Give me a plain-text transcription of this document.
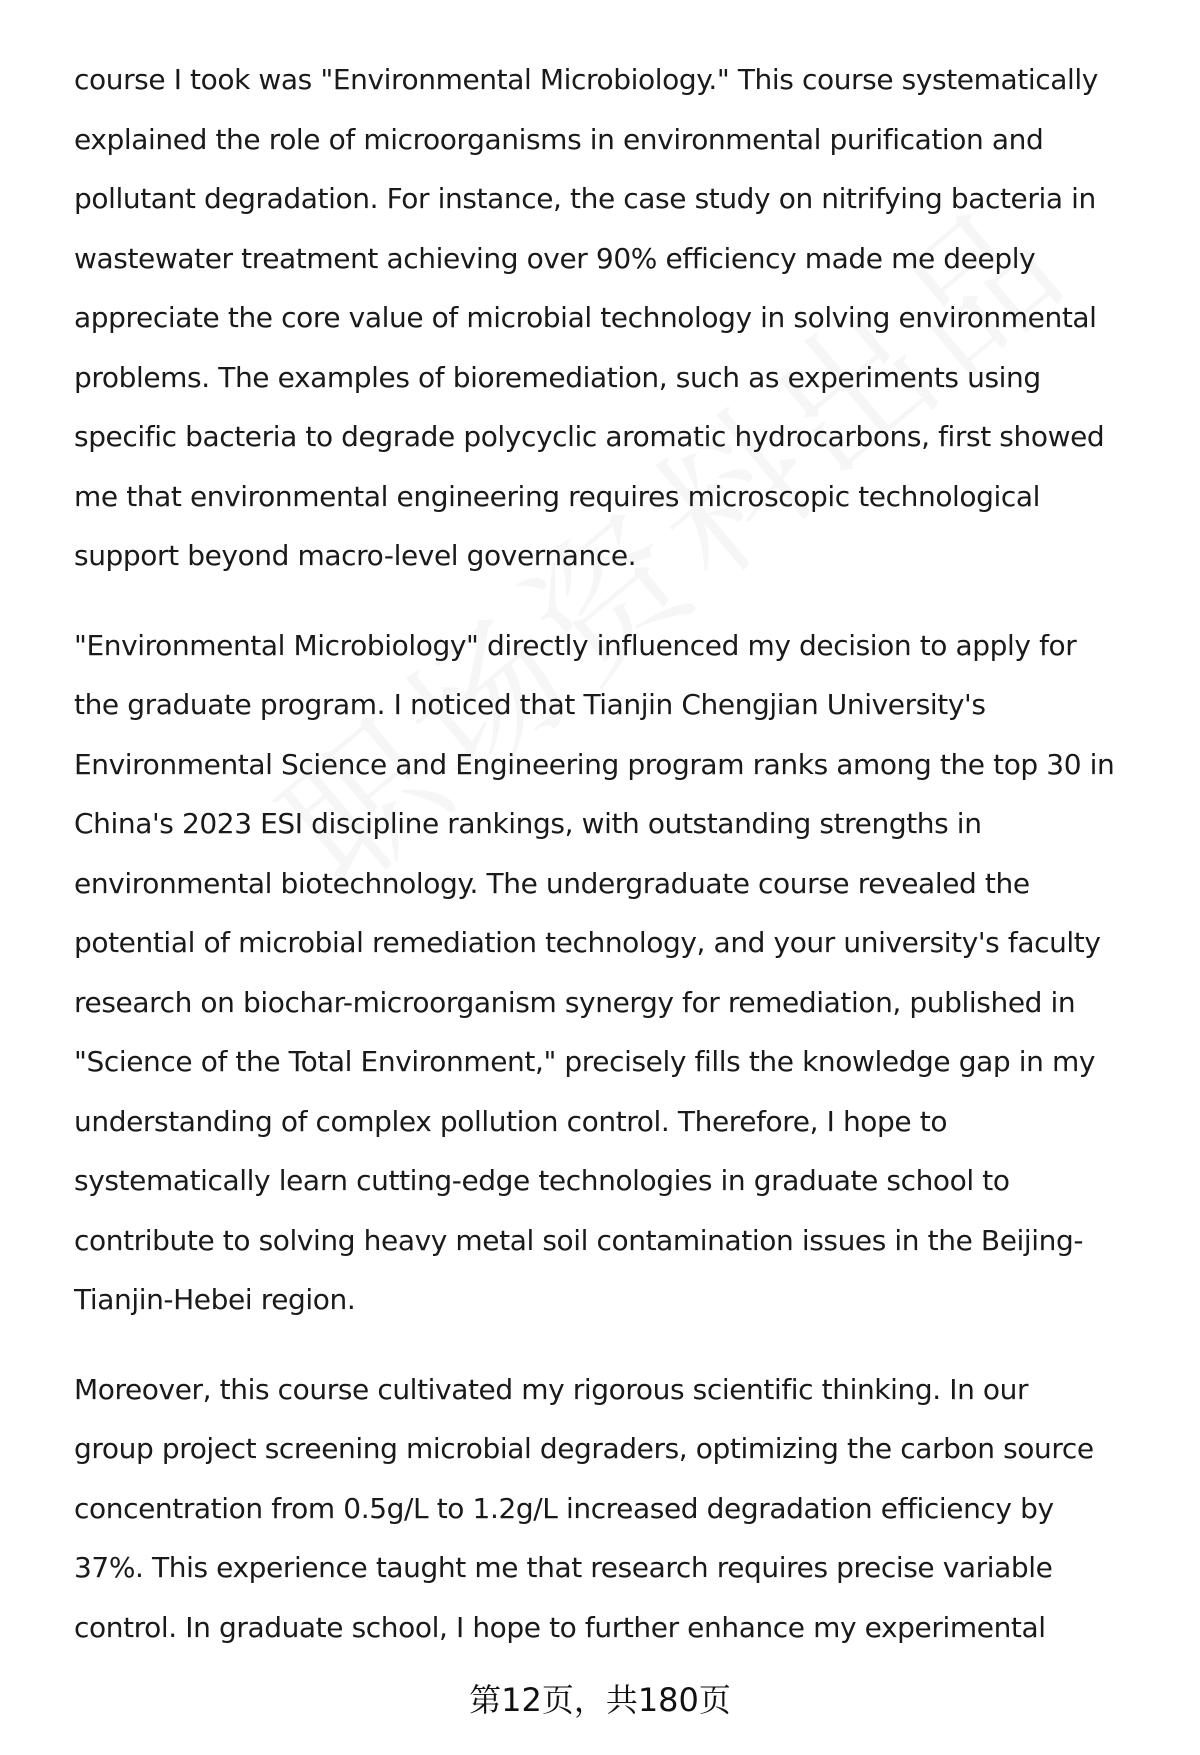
course I took was "Environmental Microbiology." This course systematically
explained the role of microorganisms in environmental purification and
pollutant degradation. For instance, the case study on nitrifying bacteria in
wastewater treatment achieving over 90% efficiency made me deeply
appreciate the core value of microbial technology in solving environmental
problems. The examples of bioremediation, such as experiments using
specific bacteria to degrade polycyclic aromatic hydrocarbons, first showed
me that environmental engineering requires microscopic technological
support beyond macro-level governance.

"Environmental Microbiology" directly influenced my decision to apply for
the graduate program. I noticed that Tianjin Chengjian University's
Environmental Science and Engineering program ranks among the top 30 in
China's 2023 ESI discipline rankings, with outstanding strengths in
environmental biotechnology. The undergraduate course revealed the
potential of microbial remediation technology, and your university's faculty
research on biochar-microorganism synergy for remediation, published in
"Science of the Total Environment," precisely fills the knowledge gap in my
understanding of complex pollution control. Therefore, I hope to
systematically learn cutting-edge technologies in graduate school to
contribute to solving heavy metal soil contamination issues in the Beijing-
Tianjin-Hebei region.

Moreover, this course cultivated my rigorous scientific thinking. In our
group project screening microbial degraders, optimizing the carbon source
concentration from 0.5g/L to 1.2g/L increased degradation efficiency by
37%. This experience taught me that research requires precise variable
control. In graduate school, I hope to further enhance my experimental

第12页，共180页
